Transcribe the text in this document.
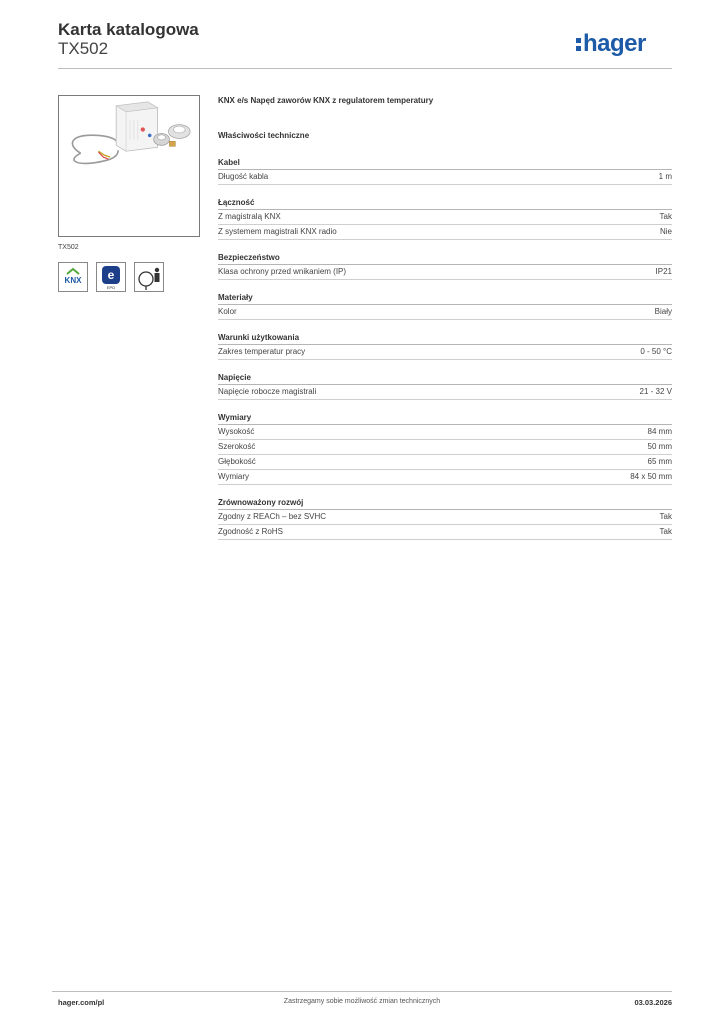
Karta katalogowa
TX502	hager
TX502
KNX e
EPD
KNX e/s Napęd zaworów KNX z regulatorem temperatury
Właściwości techniczne
Kabel
Długość kabla	1 m
Łączność
Z magistralą KNX	Tak
Z systemem magistrali KNX radio	Nie
Bezpieczeństwo
Klasa ochrony przed wnikaniem (IP)	IP21
Materiały
Kolor	Biały
Warunki użytkowania
Zakres temperatur pracy	0 - 50 °C
Napięcie
Napięcie robocze magistrali	21 - 32 V
Wymiary
Wysokość	84 mm
Szerokość	50 mm
Głębokość	65 mm
Wymiary	84 x 50 mm
Zrównoważony rozwój
Zgodny z REACh – bez SVHC	Tak
Zgodność z RoHS	Tak
hager.com/pl	Zastrzegamy sobie możliwość zmian technicznych	03.03.2026
